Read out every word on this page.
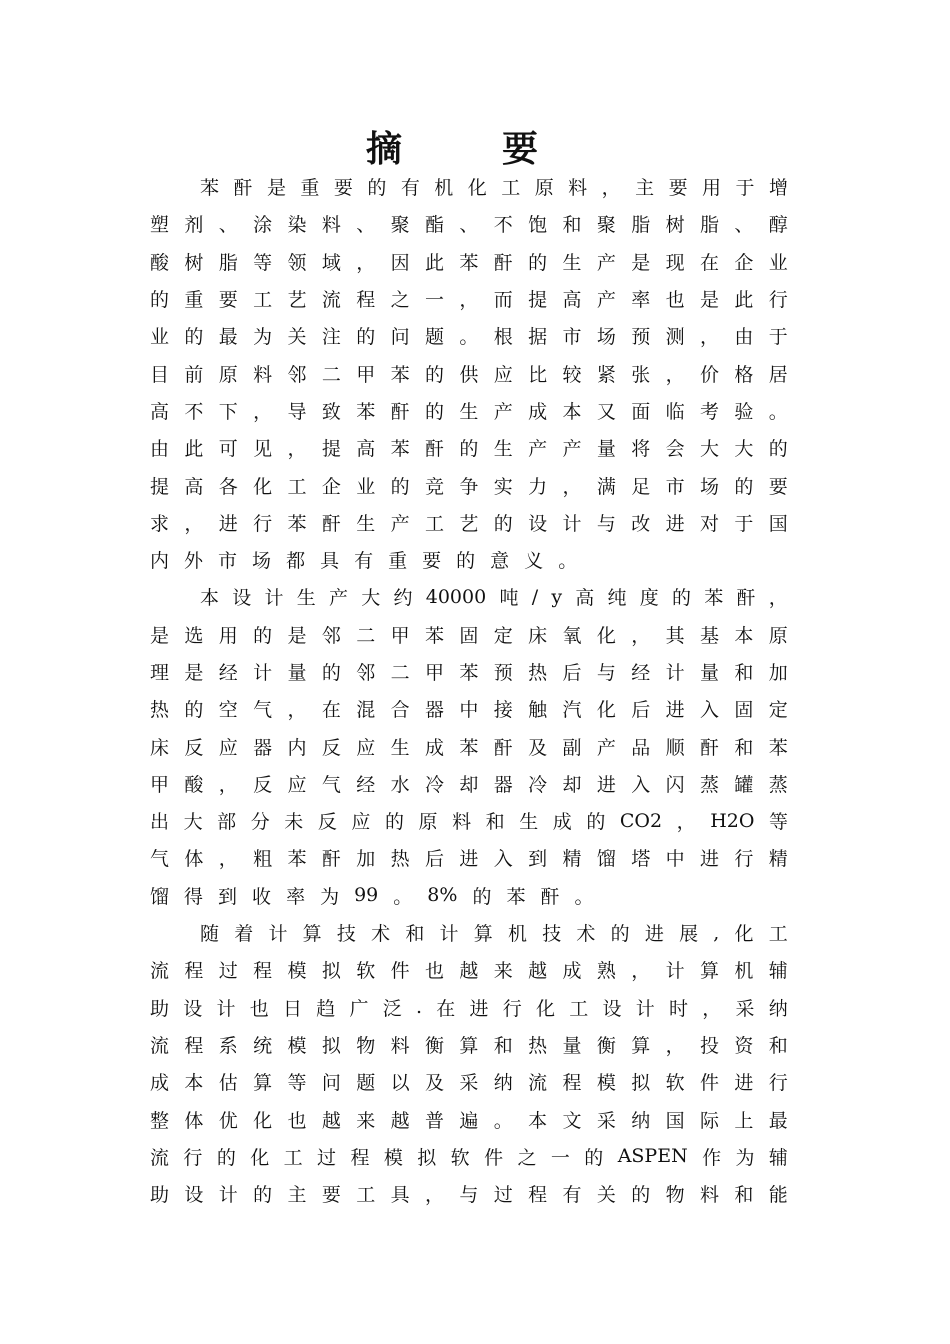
摘　要
苯 酐 是 重 要 的 有 机 化 工 原 料 ， 主 要 用 于 增
塑 剂 、 涂 染 料 、 聚 酯 、 不 饱 和 聚 脂 树 脂 、 醇
酸 树 脂 等 领 域 ， 因 此 苯 酐 的 生 产 是 现 在 企 业
的 重 要 工 艺 流 程 之 一 ， 而 提 高 产 率 也 是 此 行
业 的 最 为 关 注 的 问 题 。 根 据 市 场 预 测 ， 由 于
目 前 原 料 邻 二 甲 苯 的 供 应 比 较 紧 张 ， 价 格 居
高 不 下 ， 导 致 苯 酐 的 生 产 成 本 又 面 临 考 验 。
由 此 可 见 ， 提 高 苯 酐 的 生 产 产 量 将 会 大 大 的
提 高 各 化 工 企 业 的 竞 争 实 力 ， 满 足 市 场 的 要
求 ， 进 行 苯 酐 生 产 工 艺 的 设 计 与 改 进 对 于 国
内 外 市 场 都 具 有 重 要 的 意 义 。
本 设 计 生 产 大 约 40000 吨 / y 高 纯 度 的 苯 酐 ，
是 选 用 的 是 邻 二 甲 苯 固 定 床 氧 化 ， 其 基 本 原
理 是 经 计 量 的 邻 二 甲 苯 预 热 后 与 经 计 量 和 加
热 的 空 气 ， 在 混 合 器 中 接 触 汽 化 后 进 入 固 定
床 反 应 器 内 反 应 生 成 苯 酐 及 副 产 品 顺 酐 和 苯
甲 酸 ， 反 应 气 经 水 冷 却 器 冷 却 进 入 闪 蒸 罐 蒸
出 大 部 分 未 反 应 的 原 料 和 生 成 的 CO2 ， H2O 等
气 体 ， 粗 苯 酐 加 热 后 进 入 到 精 馏 塔 中 进 行 精
馏 得 到 收 率 为 99 。 8% 的 苯 酐 。
随 着 计 算 技 术 和 计 算 机 技 术 的 进 展 , 化 工
流 程 过 程 模 拟 软 件 也 越 来 越 成 熟 ， 计 算 机 辅
助 设 计 也 日 趋 广 泛 . 在 进 行 化 工 设 计 时 ， 采 纳
流 程 系 统 模 拟 物 料 衡 算 和 热 量 衡 算 ， 投 资 和
成 本 估 算 等 问 题 以 及 采 纳 流 程 模 拟 软 件 进 行
整 体 优 化 也 越 来 越 普 遍 。 本 文 采 纳 国 际 上 最
流 行 的 化 工 过 程 模 拟 软 件 之 一 的 ASPEN 作 为 辅
助 设 计 的 主 要 工 具 ， 与 过 程 有 关 的 物 料 和 能
